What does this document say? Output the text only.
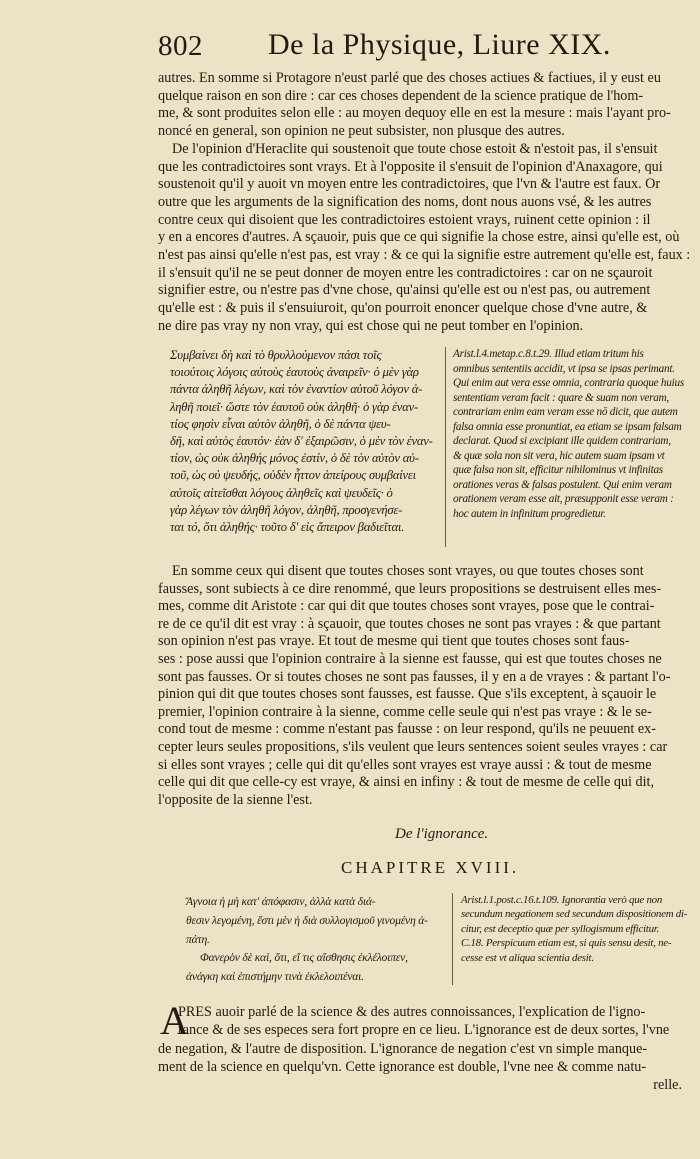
802 De la Physique, Liure XIX.
autres. En somme si Protagore n'eust parlé que des choses actiues & factiues, il y eust eu
quelque raison en son dire : car ces choses dependent de la science pratique de l'hom-
me, & sont produites selon elle : au moyen dequoy elle en est la mesure : mais l'ayant pro-
noncé en general, son opinion ne peut subsister, non plusque des autres.
De l'opinion d'Heraclite qui soustenoit que toute chose estoit & n'estoit pas, il s'ensuit
que les contradictoires sont vrays. Et à l'opposite il s'ensuit de l'opinion d'Anaxagore, qui
soustenoit qu'il y auoit vn moyen entre les contradictoires, que l'vn & l'autre est faux. Or
outre que les arguments de la signification des noms, dont nous auons vsé, & les autres
contre ceux qui disoient que les contradictoires estoient vrays, ruinent cette opinion : il
y en a encores d'autres. A sçauoir, puis que ce qui signifie la chose estre, ainsi qu'elle est, où
n'est pas ainsi qu'elle n'est pas, est vray : & ce qui la signifie estre autrement qu'elle est, faux :
il s'ensuit qu'il ne se peut donner de moyen entre les contradictoires : car on ne sçauroit
signifier estre, ou n'estre pas d'vne chose, qu'ainsi qu'elle est ou n'est pas, ou autrement
qu'elle est : & puis il s'ensuiuroit, qu'on pourroit enoncer quelque chose d'vne autre, &
ne dire pas vray ny non vray, qui est chose qui ne peut tomber en l'opinion.
Συμβαίνει δὴ καὶ τὸ θρυλλούμενον πάσι τοῖς
τοιούτοις λόγοις αὐτοὺς ἑαυτοὺς ἀναιρεῖν· ὁ μὲν γὰρ
πάντα ἀληθῆ λέγων, καὶ τὸν ἐναντίον αὐτοῦ λόγον ἀ-
ληθῆ ποιεῖ· ὥστε τὸν ἑαυτοῦ οὐκ ἀληθῆ· ὁ γὰρ ἐναν-
τίος φησὶν εἶναι αὐτὸν ἀληθῆ, ὁ δὲ πάντα ψευ-
δῆ, καὶ αὐτὸς ἑαυτόν· ἐὰν δ' ἐξαιρῶσιν, ὁ μὲν τὸν ἐναν-
τίον, ὡς οὐκ ἀληθής μόνος ἐστίν, ὁ δὲ τὸν αὐτὸν αὐ-
τοῦ, ὡς οὐ ψευδής, οὐδὲν ἧττον ἀπείρους συμβαίνει
αὐτοῖς αἰτεῖσθαι λόγους ἀληθεῖς καὶ ψευδεῖς· ὁ
γὰρ λέγων τὸν ἀληθῆ λόγον, ἀληθῆ, προσγενήσε-
ται τό, ὅτι ἀληθής· τοῦτο δ' εἰς ἄπειρον βαδιεῖται.
Arist.l.4.metap.c.8.t.29. Illud etiam tritum his
omnibus sententiis accidit, vt ipsa se ipsas perimant.
Qui enim aut vera esse omnia, contraria quoque huius
sententiam veram facit : quare & suam non veram,
contrariam enim eam veram esse nō dicit, que autem
falsa omnia esse pronuntiat, ea etiam se ipsam falsam
declarat. Quod si excipiant ille quidem contrariam,
& quæ sola non sit vera, hic autem suam ipsam vt
quæ falsa non sit, efficitur nihilominus vt infinitas
orationes veras & falsas postulent. Qui enim veram
orationem veram esse ait, præsupponit esse veram :
hoc autem in infinitum progredietur.
En somme ceux qui disent que toutes choses sont vrayes, ou que toutes choses sont
fausses, sont subiects à ce dire renommé, que leurs propositions se destruisent elles mes-
mes, comme dit Aristote : car qui dit que toutes choses sont vrayes, pose que le contrai-
re de ce qu'il dit est vray : à sçauoir, que toutes choses ne sont pas vrayes : & que partant
son opinion n'est pas vraye. Et tout de mesme qui tient que toutes choses sont faus-
ses : pose aussi que l'opinion contraire à la sienne est fausse, qui est que toutes choses ne
sont pas fausses. Or si toutes choses ne sont pas fausses, il y en a de vrayes : & partant l'o-
pinion qui dit que toutes choses sont fausses, est fausse. Que s'ils exceptent, à sçauoir le
premier, l'opinion contraire à la sienne, comme celle seule qui n'est pas vraye : & le se-
cond tout de mesme : comme n'estant pas fausse : on leur respond, qu'ils ne peuuent ex-
cepter leurs seules propositions, s'ils veulent que leurs sentences soient seules vrayes : car
si elles sont vrayes ; celle qui dit qu'elles sont vrayes est vraye aussi : & tout de mesme
celle qui dit que celle-cy est vraye, & ainsi en infiny : & tout de mesme de celle qui dit,
l'opposite de la sienne l'est.
De l'ignorance.
CHAPITRE XVIII.
Ἄγνοια ἡ μὴ κατ' ἀπόφασιν, ἀλλὰ κατὰ διά-
θεσιν λεγομένη, ἔστι μὲν ἡ διὰ συλλογισμοῦ γινομένη ἀ-
πάτη.
Φανερὸν δὲ καὶ, ὅτι, εἴ τις αἴσθησις ἐκλέλοιπεν,
ἀνάγκη καὶ ἐπιστήμην τινὰ ἐκλελοιπέναι.
Arist.l.1.post.c.16.t.109. Ignorantia verò que non
secundum negationem sed secundum dispositionem di-
citur, est deceptio quæ per syllogismum efficitur.
C.18. Perspicuum etiam est, si quis sensu desit, ne-
cesse est vt aliqua scientia desit.
A
PRES auoir parlé de la science & des autres connoissances, l'explication de l'igno-
rance & de ses especes sera fort propre en ce lieu. L'ignorance est de deux sortes, l'vne
de negation, & l'autre de disposition. L'ignorance de negation c'est vn simple manque-
ment de la science en quelqu'vn. Cette ignorance est double, l'vne nee & comme natu-
relle.
